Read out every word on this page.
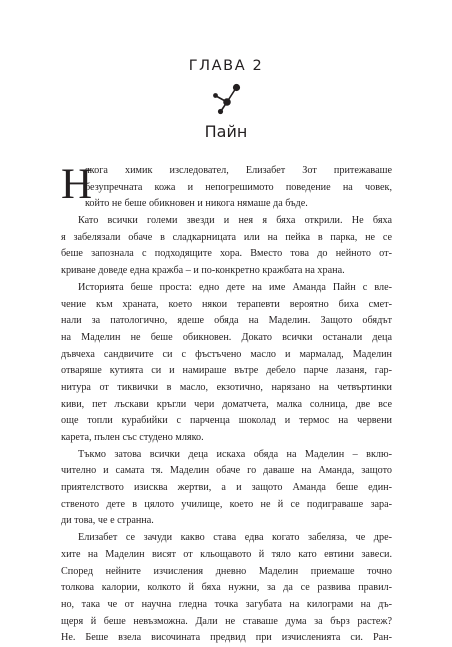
ГЛАВА 2
Пайн
Н
якога химик изследовател, Елизабет Зот притежаваше
безупречната кожа и непогрешимото поведение на човек,
който не беше обикновен и никога нямаше да бъде.
Като всички големи звезди и нея я бяха открили. Не бяха
я забелязали обаче в сладкарницата или на пейка в парка, не се
беше запознала с подходящите хора. Вместо това до нейното от-
криване доведе една кражба – и по-конкретно кражбата на храна.
Историята беше проста: едно дете на име Аманда Пайн с вле-
чение към храната, което някои терапевти вероятно биха смет-
нали за патологично, ядеше обяда на Маделин. Защото обядът
на Маделин не беше обикновен. Докато всички останали деца
дъвчеха сандвичите си с фъстъчено масло и мармалад, Маделин
отваряше кутията си и намираше вътре дебело парче лазаня, гар-
нитура от тиквички в масло, екзотично, нарязано на четвъртинки
киви, пет лъскави кръгли чери доматчета, малка солница, две все
още топли курабийки с парченца шоколад и термос на червени
карета, пълен със студено мляко.
Тъкмо затова всички деца искаха обяда на Маделин – вклю-
чително и самата тя. Маделин обаче го даваше на Аманда, защото
приятелството изисква жертви, а и защото Аманда беше един-
ственото дете в цялото училище, което не й се подиграваше зара-
ди това, че е странна.
Елизабет се зачуди какво става едва когато забеляза, че дре-
хите на Маделин висят от кльощавото й тяло като евтини завеси.
Според нейните изчисления дневно Маделин приемаше точно
толкова калории, колкото й бяха нужни, за да се развива правил-
но, така че от научна гледна точка загубата на килограми на дъ-
щеря й беше невъзможна. Дали не ставаше дума за бърз растеж?
Не. Беше взела височината предвид при изчисленията си. Ран-
